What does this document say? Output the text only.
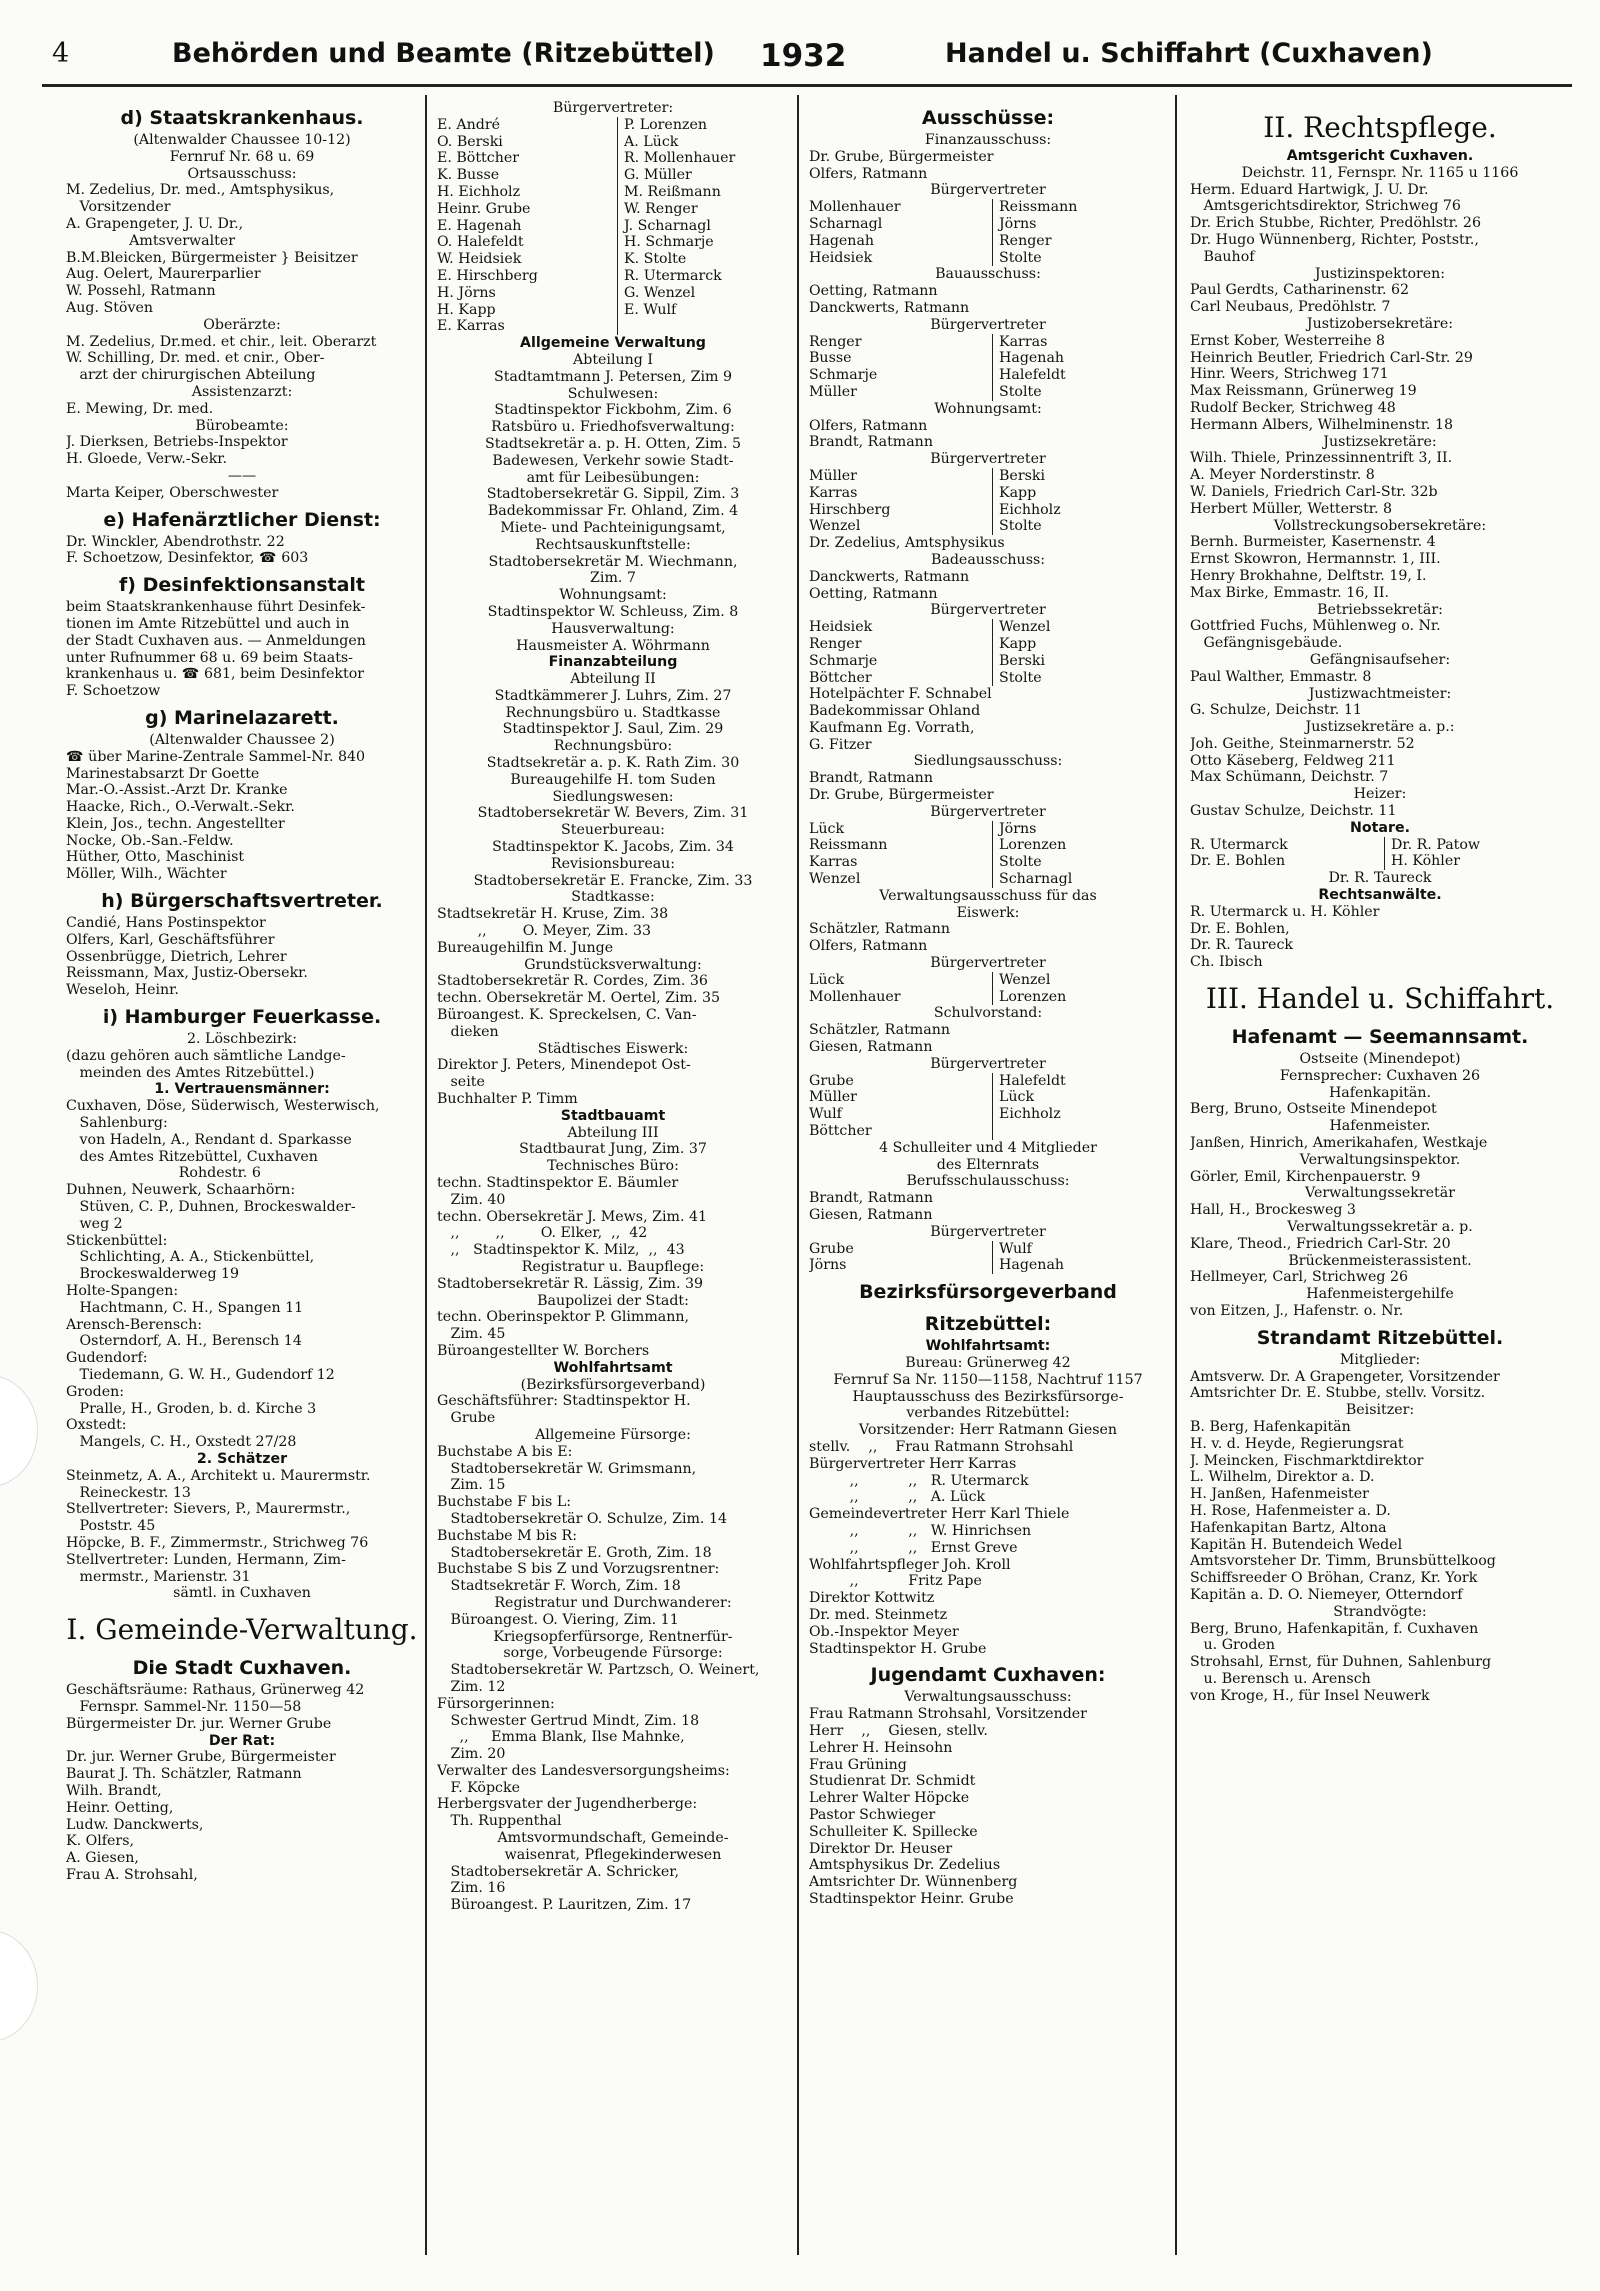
4	Behörden und Beamte (Ritzebüttel) 1932	Handel u. Schiffahrt (Cuxhaven)

d) Staatskrankenhaus.

(Altenwalder Chaussee 10-12)

Fernruf Nr. 68 u. 69

Ortsausschuss:

M. Zedelius, Dr. med., Amtsphysikus,

Vorsitzender

A. Grapengeter, J. U. Dr.,

Amtsverwalter

B.M.Bleicken, Bürgermeister } Beisitzer

Aug. Oelert, Maurerparlier

W. Possehl, Ratmann

Aug. Stöven

Oberärzte:

M. Zedelius, Dr.med. et chir., leit. Oberarzt

W. Schilling, Dr. med. et cnir., Ober-

arzt der chirurgischen Abteilung

Assistenzarzt:

E. Mewing, Dr. med.

Bürobeamte:

J. Dierksen, Betriebs-Inspektor

H. Gloede, Verw.-Sekr.

——

Marta Keiper, Oberschwester

e) Hafenärztlicher Dienst:

Dr. Winckler, Abendrothstr. 22

F. Schoetzow, Desinfektor, ☎ 603

f) Desinfektionsanstalt

beim Staatskrankenhause führt Desinfek-

tionen im Amte Ritzebüttel und auch in

der Stadt Cuxhaven aus. — Anmeldungen

unter Rufnummer 68 u. 69 beim Staats-

krankenhaus u. ☎ 681, beim Desinfektor

F. Schoetzow

g) Marinelazarett.

(Altenwalder Chaussee 2)

☎ über Marine-Zentrale Sammel-Nr. 840

Marinestabsarzt Dr Goette

Mar.-O.-Assist.-Arzt Dr. Kranke

Haacke, Rich., O.-Verwalt.-Sekr.

Klein, Jos., techn. Angestellter

Nocke, Ob.-San.-Feldw.

Hüther, Otto, Maschinist

Möller, Wilh., Wächter

h) Bürgerschaftsvertreter.

Candié, Hans Postinspektor

Olfers, Karl, Geschäftsführer

Ossenbrügge, Dietrich, Lehrer

Reissmann, Max, Justiz-Obersekr.

Weseloh, Heinr.

i) Hamburger Feuerkasse.

2. Löschbezirk:

(dazu gehören auch sämtliche Landge-

meinden des Amtes Ritzebüttel.)

1. Vertrauensmänner:

Cuxhaven, Döse, Süderwisch, Westerwisch,

Sahlenburg:

von Hadeln, A., Rendant d. Sparkasse

des Amtes Ritzebüttel, Cuxhaven

Rohdestr. 6

Duhnen, Neuwerk, Schaarhörn:

Stüven, C. P., Duhnen, Brockeswalder-

weg 2

Stickenbüttel:

Schlichting, A. A., Stickenbüttel,

Brockeswalderweg 19

Holte-Spangen:

Hachtmann, C. H., Spangen 11

Arensch-Berensch:

Osterndorf, A. H., Berensch 14

Gudendorf:

Tiedemann, G. W. H., Gudendorf 12

Groden:

Pralle, H., Groden, b. d. Kirche 3

Oxstedt:

Mangels, C. H., Oxstedt 27/28

2. Schätzer

Steinmetz, A. A., Architekt u. Maurermstr.

Reineckestr. 13

Stellvertreter: Sievers, P., Maurermstr.,

Poststr. 45

Höpcke, B. F., Zimmermstr., Strichweg 76

Stellvertreter: Lunden, Hermann, Zim-

mermstr., Marienstr. 31

sämtl. in Cuxhaven

I. Gemeinde-Verwaltung.

Die Stadt Cuxhaven.

Geschäftsräume: Rathaus, Grünerweg 42

Fernspr. Sammel-Nr. 1150—58

Bürgermeister Dr. jur. Werner Grube

Der Rat:

Dr. jur. Werner Grube, Bürgermeister

Baurat J. Th. Schätzler, Ratmann

Wilh. Brandt,

Heinr. Oetting,

Ludw. Danckwerts,

K. Olfers,

A. Giesen,

Frau A. Strohsahl,

Bürgervertreter:

E. André	P. Lorenzen
O. Berski	A. Lück
E. Böttcher	R. Mollenhauer
K. Busse	G. Müller
H. Eichholz	M. Reißmann
Heinr. Grube	W. Renger
E. Hagenah	J. Scharnagl
O. Halefeldt	H. Schmarje
W. Heidsiek	K. Stolte
E. Hirschberg	R. Utermarck
H. Jörns	G. Wenzel
H. Kapp	E. Wulf
E. Karras

Allgemeine Verwaltung

Abteilung I

Stadtamtmann J. Petersen, Zim 9

Schulwesen:

Stadtinspektor Fickbohm, Zim. 6

Ratsbüro u. Friedhofsverwaltung:

Stadtsekretär a. p. H. Otten, Zim. 5

Badewesen, Verkehr sowie Stadt-

amt für Leibesübungen:

Stadtobersekretär G. Sippil, Zim. 3

Badekommissar Fr. Ohland, Zim. 4

Miete- und Pachteinigungsamt,

Rechtsauskunftstelle:

Stadtobersekretär M. Wiechmann,

Zim. 7

Wohnungsamt:

Stadtinspektor W. Schleuss, Zim. 8

Hausverwaltung:

Hausmeister A. Wöhrmann

Finanzabteilung

Abteilung II

Stadtkämmerer J. Luhrs, Zim. 27

Rechnungsbüro u. Stadtkasse

Stadtinspektor J. Saul, Zim. 29

Rechnungsbüro:

Stadtsekretär a. p. K. Rath Zim. 30

Bureaugehilfe H. tom Suden

Siedlungswesen:

Stadtobersekretär W. Bevers, Zim. 31

Steuerbureau:

Stadtinspektor K. Jacobs, Zim. 34

Revisionsbureau:

Stadtobersekretär E. Francke, Zim. 33

Stadtkasse:

Stadtsekretär H. Kruse, Zim. 38

,,        O. Meyer, Zim. 33

Bureaugehilfin M. Junge

Grundstücksverwaltung:

Stadtobersekretär R. Cordes, Zim. 36

techn. Obersekretär M. Oertel, Zim. 35

Büroangest. K. Spreckelsen, C. Van-

dieken

Städtisches Eiswerk:

Direktor J. Peters, Minendepot Ost-

seite

Buchhalter P. Timm

Stadtbauamt

Abteilung III

Stadtbaurat Jung, Zim. 37

Technisches Büro:

techn. Stadtinspektor E. Bäumler

Zim. 40

techn. Obersekretär J. Mews, Zim. 41

,,        ,,        O. Elker,  ,,  42

,,   Stadtinspektor K. Milz,  ,,  43

Registratur u. Baupflege:

Stadtobersekretär R. Lässig, Zim. 39

Baupolizei der Stadt:

techn. Oberinspektor P. Glimmann,

Zim. 45

Büroangestellter W. Borchers

Wohlfahrtsamt

(Bezirksfürsorgeverband)

Geschäftsführer: Stadtinspektor H.

Grube

Allgemeine Fürsorge:

Buchstabe A bis E:

Stadtobersekretär W. Grimsmann,

Zim. 15

Buchstabe F bis L:

Stadtobersekretär O. Schulze, Zim. 14

Buchstabe M bis R:

Stadtobersekretär E. Groth, Zim. 18

Buchstabe S bis Z und Vorzugsrentner:

Stadtsekretär F. Worch, Zim. 18

Registratur und Durchwanderer:

Büroangest. O. Viering, Zim. 11

Kriegsopferfürsorge, Rentnerfür-

sorge, Vorbeugende Fürsorge:

Stadtobersekretär W. Partzsch, O. Weinert,

Zim. 12

Fürsorgerinnen:

Schwester Gertrud Mindt, Zim. 18

,,     Emma Blank, Ilse Mahnke,

Zim. 20

Verwalter des Landesversorgungsheims:

F. Köpcke

Herbergsvater der Jugendherberge:

Th. Ruppenthal

Amtsvormundschaft, Gemeinde-

waisenrat, Pflegekinderwesen

Stadtobersekretär A. Schricker,

Zim. 16

Büroangest. P. Lauritzen, Zim. 17

Ausschüsse:

Finanzausschuss:

Dr. Grube, Bürgermeister

Olfers, Ratmann

Bürgervertreter

Mollenhauer	Reissmann
Scharnagl	Jörns
Hagenah	Renger
Heidsiek	Stolte

Bauausschuss:

Oetting, Ratmann

Danckwerts, Ratmann

Bürgervertreter

Renger	Karras
Busse	Hagenah
Schmarje	Halefeldt
Müller	Stolte

Wohnungsamt:

Olfers, Ratmann

Brandt, Ratmann

Bürgervertreter

Müller	Berski
Karras	Kapp
Hirschberg	Eichholz
Wenzel	Stolte

Dr. Zedelius, Amtsphysikus

Badeausschuss:

Danckwerts, Ratmann

Oetting, Ratmann

Bürgervertreter

Heidsiek	Wenzel
Renger	Kapp
Schmarje	Berski
Böttcher	Stolte

Hotelpächter F. Schnabel

Badekommissar Ohland

Kaufmann Eg. Vorrath,

G. Fitzer

Siedlungsausschuss:

Brandt, Ratmann

Dr. Grube, Bürgermeister

Bürgervertreter

Lück	Jörns
Reissmann	Lorenzen
Karras	Stolte
Wenzel	Scharnagl

Verwaltungsausschuss für das

Eiswerk:

Schätzler, Ratmann

Olfers, Ratmann

Bürgervertreter

Lück	Wenzel
Mollenhauer	Lorenzen

Schulvorstand:

Schätzler, Ratmann

Giesen, Ratmann

Bürgervertreter

Grube	Halefeldt
Müller	Lück
Wulf	Eichholz
Böttcher

4 Schulleiter und 4 Mitglieder

des Elternrats

Berufsschulausschuss:

Brandt, Ratmann

Giesen, Ratmann

Bürgervertreter

Grube	Wulf
Jörns	Hagenah

Bezirksfürsorgeverband

Ritzebüttel:

Wohlfahrtsamt:

Bureau: Grünerweg 42

Fernruf Sa Nr. 1150—1158, Nachtruf 1157

Hauptausschuss des Bezirksfürsorge-

verbandes Ritzebüttel:

Vorsitzender: Herr Ratmann Giesen

stellv.    ,,    Frau Ratmann Strohsahl

Bürgervertreter Herr Karras

,,           ,,   R. Utermarck

,,           ,,   A. Lück

Gemeindevertreter Herr Karl Thiele

,,           ,,   W. Hinrichsen

,,           ,,   Ernst Greve

Wohlfahrtspfleger Joh. Kroll

,,           Fritz Pape

Direktor Kottwitz

Dr. med. Steinmetz

Ob.-Inspektor Meyer

Stadtinspektor H. Grube

Jugendamt Cuxhaven:

Verwaltungsausschuss:

Frau Ratmann Strohsahl, Vorsitzender

Herr    ,,    Giesen, stellv.

Lehrer H. Heinsohn

Frau Grüning

Studienrat Dr. Schmidt

Lehrer Walter Höpcke

Pastor Schwieger

Schulleiter K. Spillecke

Direktor Dr. Heuser

Amtsphysikus Dr. Zedelius

Amtsrichter Dr. Wünnenberg

Stadtinspektor Heinr. Grube

II. Rechtspflege.

Amtsgericht Cuxhaven.

Deichstr. 11, Fernspr. Nr. 1165 u 1166

Herm. Eduard Hartwigk, J. U. Dr.

Amtsgerichtsdirektor, Strichweg 76

Dr. Erich Stubbe, Richter, Predöhlstr. 26

Dr. Hugo Wünnenberg, Richter, Poststr.,

Bauhof

Justizinspektoren:

Paul Gerdts, Catharinenstr. 62

Carl Neubaus, Predöhlstr. 7

Justizobersekretäre:

Ernst Kober, Westerreihe 8

Heinrich Beutler, Friedrich Carl-Str. 29

Hinr. Weers, Strichweg 171

Max Reissmann, Grünerweg 19

Rudolf Becker, Strichweg 48

Hermann Albers, Wilhelminenstr. 18

Justizsekretäre:

Wilh. Thiele, Prinzessinnentrift 3, II.

A. Meyer Norderstinstr. 8

W. Daniels, Friedrich Carl-Str. 32b

Herbert Müller, Wetterstr. 8

Vollstreckungsobersekretäre:

Bernh. Burmeister, Kasernenstr. 4

Ernst Skowron, Hermannstr. 1, III.

Henry Brokhahne, Delftstr. 19, I.

Max Birke, Emmastr. 16, II.

Betriebssekretär:

Gottfried Fuchs, Mühlenweg o. Nr.

Gefängnisgebäude.

Gefängnisaufseher:

Paul Walther, Emmastr. 8

Justizwachtmeister:

G. Schulze, Deichstr. 11

Justizsekretäre a. p.:

Joh. Geithe, Steinmarnerstr. 52

Otto Käseberg, Feldweg 211

Max Schümann, Deichstr. 7

Heizer:

Gustav Schulze, Deichstr. 11

Notare.

R. Utermarck	Dr. R. Patow
Dr. E. Bohlen	H. Köhler

Dr. R. Taureck

Rechtsanwälte.

R. Utermarck u. H. Köhler

Dr. E. Bohlen,

Dr. R. Taureck

Ch. Ibisch

III. Handel u. Schiffahrt.

Hafenamt — Seemannsamt.

Ostseite (Minendepot)

Fernsprecher: Cuxhaven 26

Hafenkapitän.

Berg, Bruno, Ostseite Minendepot

Hafenmeister.

Janßen, Hinrich, Amerikahafen, Westkaje

Verwaltungsinspektor.

Görler, Emil, Kirchenpauerstr. 9

Verwaltungssekretär

Hall, H., Brockesweg 3

Verwaltungssekretär a. p.

Klare, Theod., Friedrich Carl-Str. 20

Brückenmeisterassistent.

Hellmeyer, Carl, Strichweg 26

Hafenmeistergehilfe

von Eitzen, J., Hafenstr. o. Nr.

Strandamt Ritzebüttel.

Mitglieder:

Amtsverw. Dr. A Grapengeter, Vorsitzender

Amtsrichter Dr. E. Stubbe, stellv. Vorsitz.

Beisitzer:

B. Berg, Hafenkapitän

H. v. d. Heyde, Regierungsrat

J. Meincken, Fischmarktdirektor

L. Wilhelm, Direktor a. D.

H. Janßen, Hafenmeister

H. Rose, Hafenmeister a. D.

Hafenkapitan Bartz, Altona

Kapitän H. Butendeich Wedel

Amtsvorsteher Dr. Timm, Brunsbüttelkoog

Schiffsreeder O Bröhan, Cranz, Kr. York

Kapitän a. D. O. Niemeyer, Otterndorf

Strandvögte:

Berg, Bruno, Hafenkapitän, f. Cuxhaven

u. Groden

Strohsahl, Ernst, für Duhnen, Sahlenburg

u. Berensch u. Arensch

von Kroge, H., für Insel Neuwerk
